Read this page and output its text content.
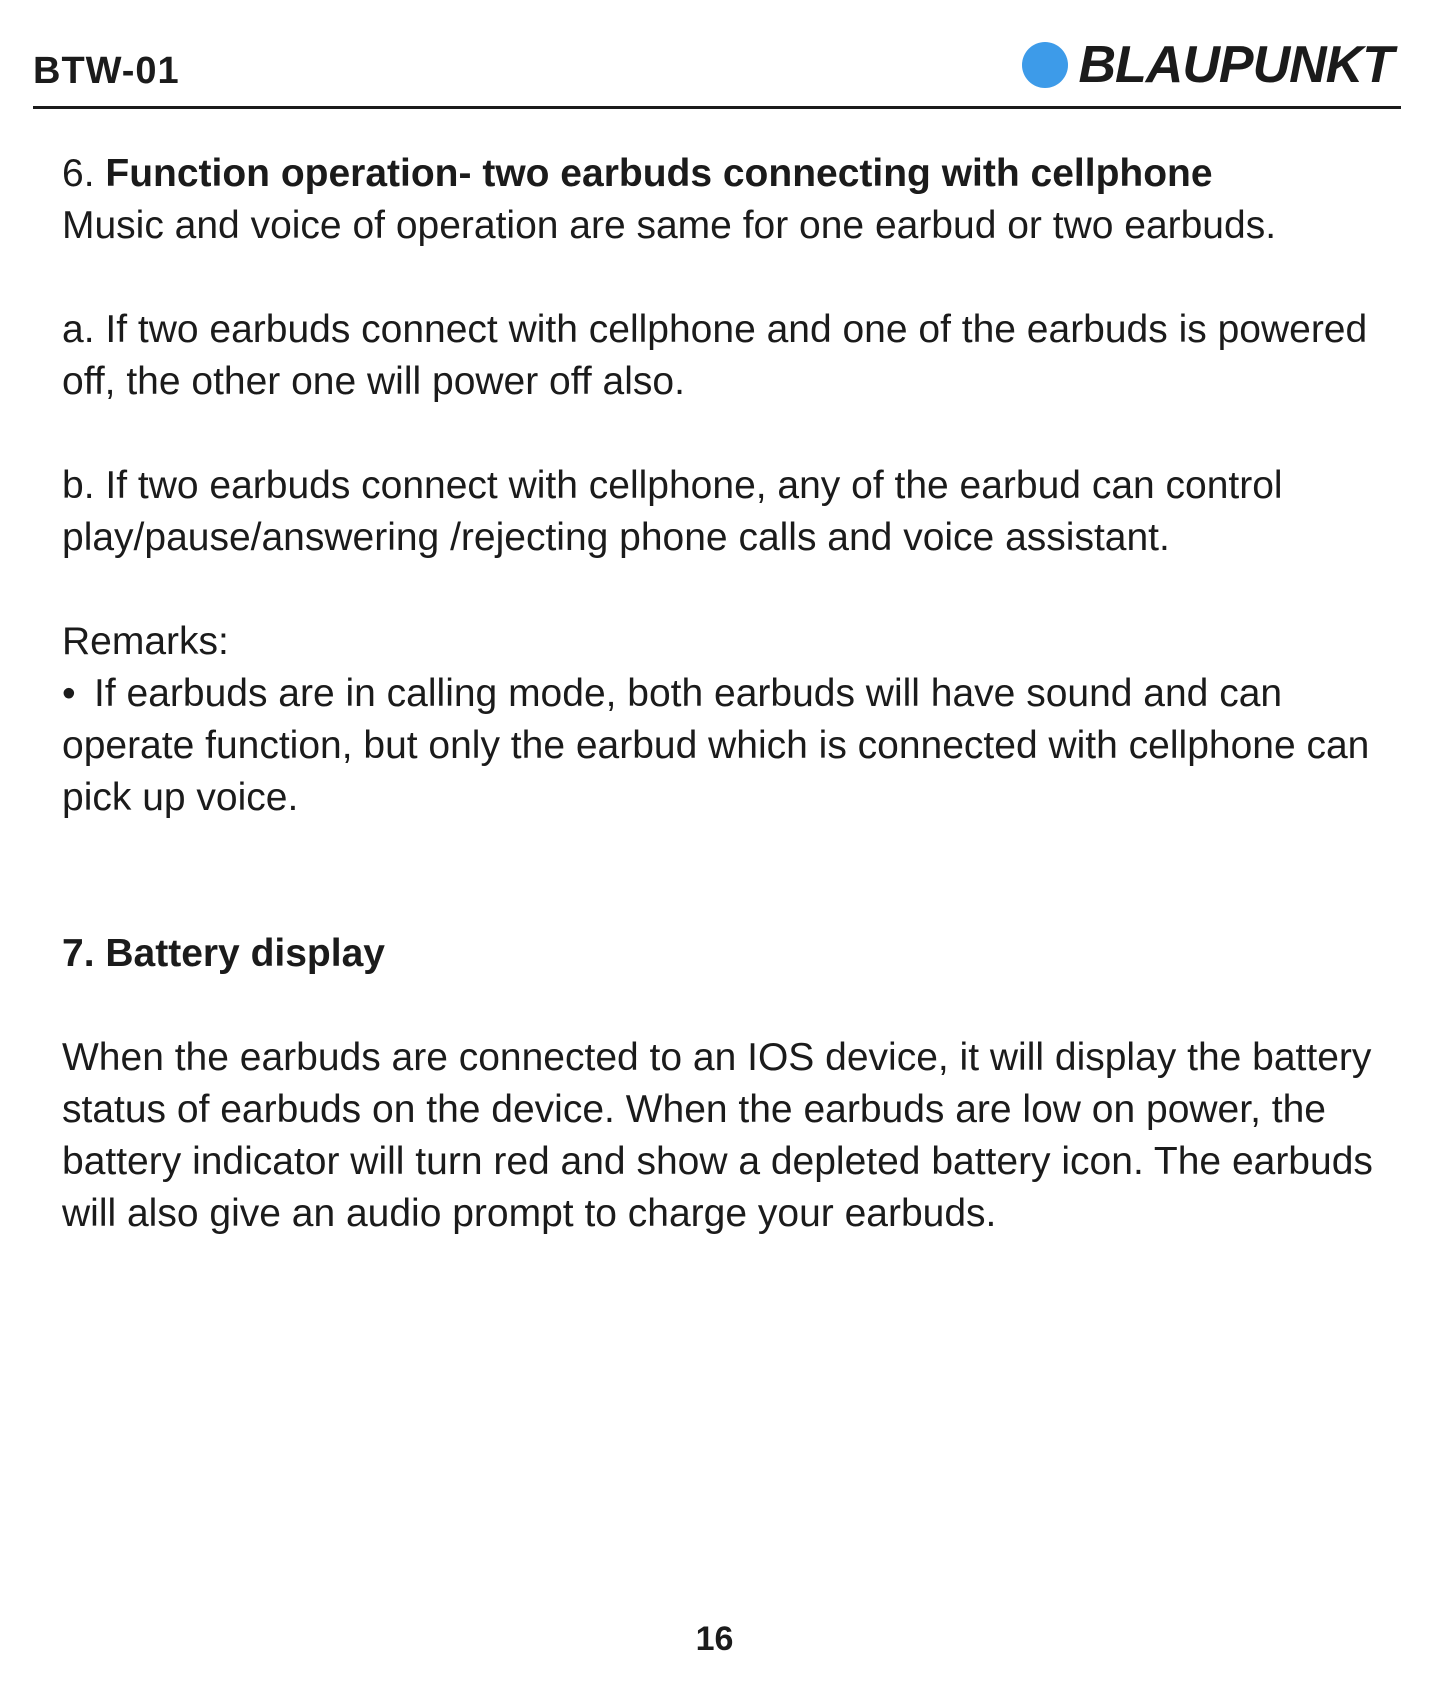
BTW-01	BLAUPUNKT

6. Function operation- two earbuds connecting with cellphone

Music and voice of operation are same for one earbud or two earbuds.

a. If two earbuds connect with cellphone and one of the earbuds is powered off, the other one will power off also.

b. If two earbuds connect with cellphone, any of the earbud can control play/pause/answering /rejecting phone calls and voice assistant.

Remarks:

• If earbuds are in calling mode, both earbuds will have sound and can operate function, but only the earbud which is connected with cellphone can pick up voice.

7. Battery display

When the earbuds are connected to an IOS device, it will display the battery status of earbuds on the device. When the earbuds are low on power, the battery indicator will turn red and show a depleted battery icon. The earbuds will also give an audio prompt to charge your earbuds.

16
